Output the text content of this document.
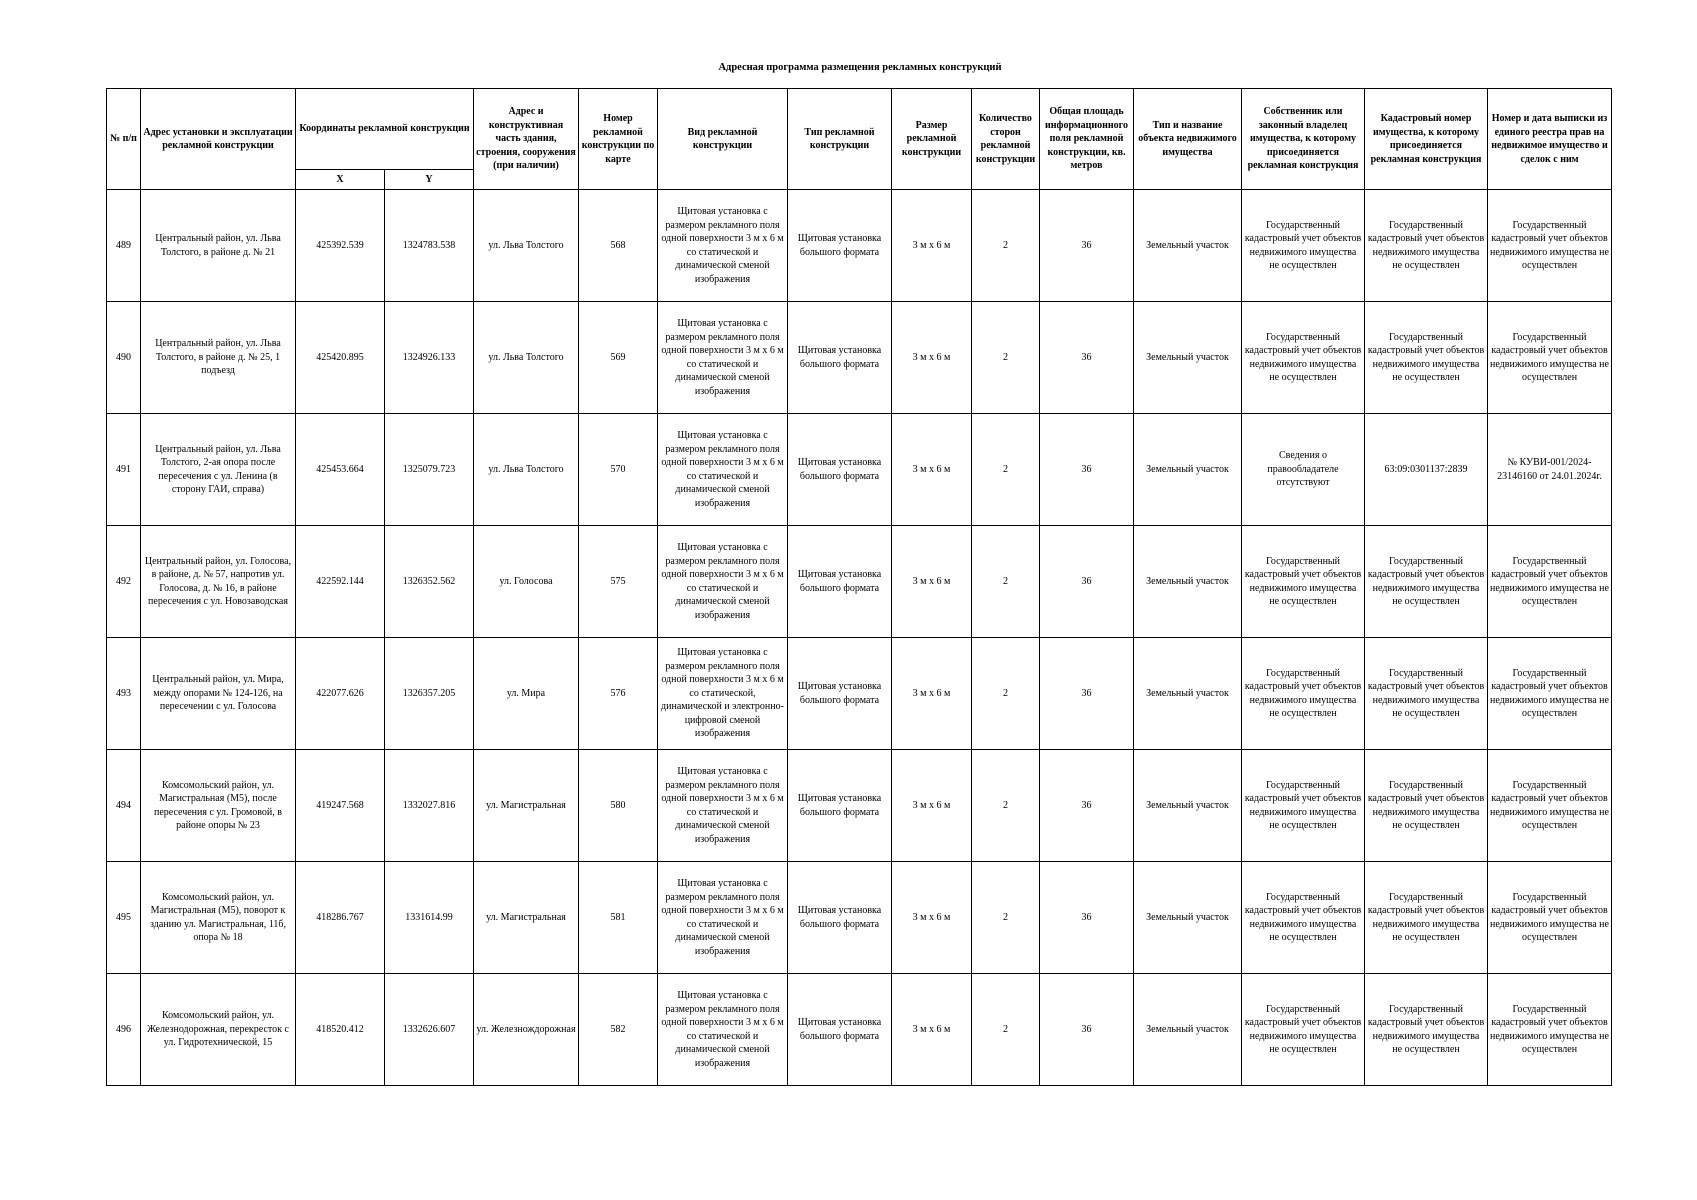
Адресная программа размещения рекламных конструкций
№ п/п	Адрес установки и эксплуатации рекламной конструкции	Координаты рекламной конструкции		Адрес и конструктивная часть здания, строения, сооружения (при наличии)	Номер рекламной конструкции по карте	Вид рекламной конструкции	Тип рекламной конструкции	Размер рекламной конструкции	Количество сторон рекламной конструкции	Общая площадь информационного поля рекламной конструкции, кв. метров	Тип и название объекта недвижимого имущества	Собственник или законный владелец имущества, к которому присоединяется рекламная конструкция	Кадастровый номер имущества, к которому присоединяется рекламная конструкция	Номер и дата выписки из единого реестра прав на недвижимое имущество и сделок с ним
		X	Y											
489	Центральный район, ул. Льва Толстого, в районе д. № 21	425392.539	1324783.538	ул. Льва Толстого	568	Щитовая установка с размером рекламного поля одной поверхности 3 м x 6 м со статической и динамической сменой изображения	Щитовая установка большого формата	3 м х 6 м	2	36	Земельный участок	Государственный кадастровый учет объектов недвижимого имущества не осуществлен	Государственный кадастровый учет объектов недвижимого имущества не осуществлен	Государственный кадастровый учет объектов недвижимого имущества не осуществлен
490	Центральный район, ул. Льва Толстого, в районе д. № 25, 1 подъезд	425420.895	1324926.133	ул. Льва Толстого	569	Щитовая установка с размером рекламного поля одной поверхности 3 м x 6 м со статической и динамической сменой изображения	Щитовая установка большого формата	3 м х 6 м	2	36	Земельный участок	Государственный кадастровый учет объектов недвижимого имущества не осуществлен	Государственный кадастровый учет объектов недвижимого имущества не осуществлен	Государственный кадастровый учет объектов недвижимого имущества не осуществлен
491	Центральный район, ул. Льва Толстого, 2-ая опора после пересечения с ул. Ленина (в сторону ГАИ, справа)	425453.664	1325079.723	ул. Льва Толстого	570	Щитовая установка с размером рекламного поля одной поверхности 3 м x 6 м со статической и динамической сменой изображения	Щитовая установка большого формата	3 м х 6 м	2	36	Земельный участок	Сведения о правообладателе отсутствуют	63:09:0301137:2839	№ КУВИ-001/2024-23146160 от 24.01.2024г.
492	Центральный район, ул. Голосова, в районе, д. № 57, напротив ул. Голосова, д. № 16, в районе пересечения с ул. Новозаводская	422592.144	1326352.562	ул. Голосова	575	Щитовая установка с размером рекламного поля одной поверхности 3 м x 6 м со статической и динамической сменой изображения	Щитовая установка большого формата	3 м х 6 м	2	36	Земельный участок	Государственный кадастровый учет объектов недвижимого имущества не осуществлен	Государственный кадастровый учет объектов недвижимого имущества не осуществлен	Государственный кадастровый учет объектов недвижимого имущества не осуществлен
493	Центральный район, ул. Мира, между опорами № 124-126, на пересечении с ул. Голосова	422077.626	1326357.205	ул. Мира	576	Щитовая установка с размером рекламного поля одной поверхности 3 м x 6 м со статической, динамической и электронно-цифровой сменой изображения	Щитовая установка большого формата	3 м х 6 м	2	36	Земельный участок	Государственный кадастровый учет объектов недвижимого имущества не осуществлен	Государственный кадастровый учет объектов недвижимого имущества не осуществлен	Государственный кадастровый учет объектов недвижимого имущества не осуществлен
494	Комсомольский район, ул. Магистральная (М5), после пересечения с ул. Громовой, в районе опоры № 23	419247.568	1332027.816	ул. Магистральная	580	Щитовая установка с размером рекламного поля одной поверхности 3 м x 6 м со статической и динамической сменой изображения	Щитовая установка большого формата	3 м х 6 м	2	36	Земельный участок	Государственный кадастровый учет объектов недвижимого имущества не осуществлен	Государственный кадастровый учет объектов недвижимого имущества не осуществлен	Государственный кадастровый учет объектов недвижимого имущества не осуществлен
495	Комсомольский район, ул. Магистральная (М5), поворот к зданию ул. Магистральная, 11б, опора № 18	418286.767	1331614.99	ул. Магистральная	581	Щитовая установка с размером рекламного поля одной поверхности 3 м x 6 м со статической и динамической сменой изображения	Щитовая установка большого формата	3 м х 6 м	2	36	Земельный участок	Государственный кадастровый учет объектов недвижимого имущества не осуществлен	Государственный кадастровый учет объектов недвижимого имущества не осуществлен	Государственный кадастровый учет объектов недвижимого имущества не осуществлен
496	Комсомольский район, ул. Железнодорожная, перекресток с ул. Гидротехнической, 15	418520.412	1332626.607	ул. Железнождорожная	582	Щитовая установка с размером рекламного поля одной поверхности 3 м x 6 м со статической и динамической сменой изображения	Щитовая установка большого формата	3 м х 6 м	2	36	Земельный участок	Государственный кадастровый учет объектов недвижимого имущества не осуществлен	Государственный кадастровый учет объектов недвижимого имущества не осуществлен	Государственный кадастровый учет объектов недвижимого имущества не осуществлен
